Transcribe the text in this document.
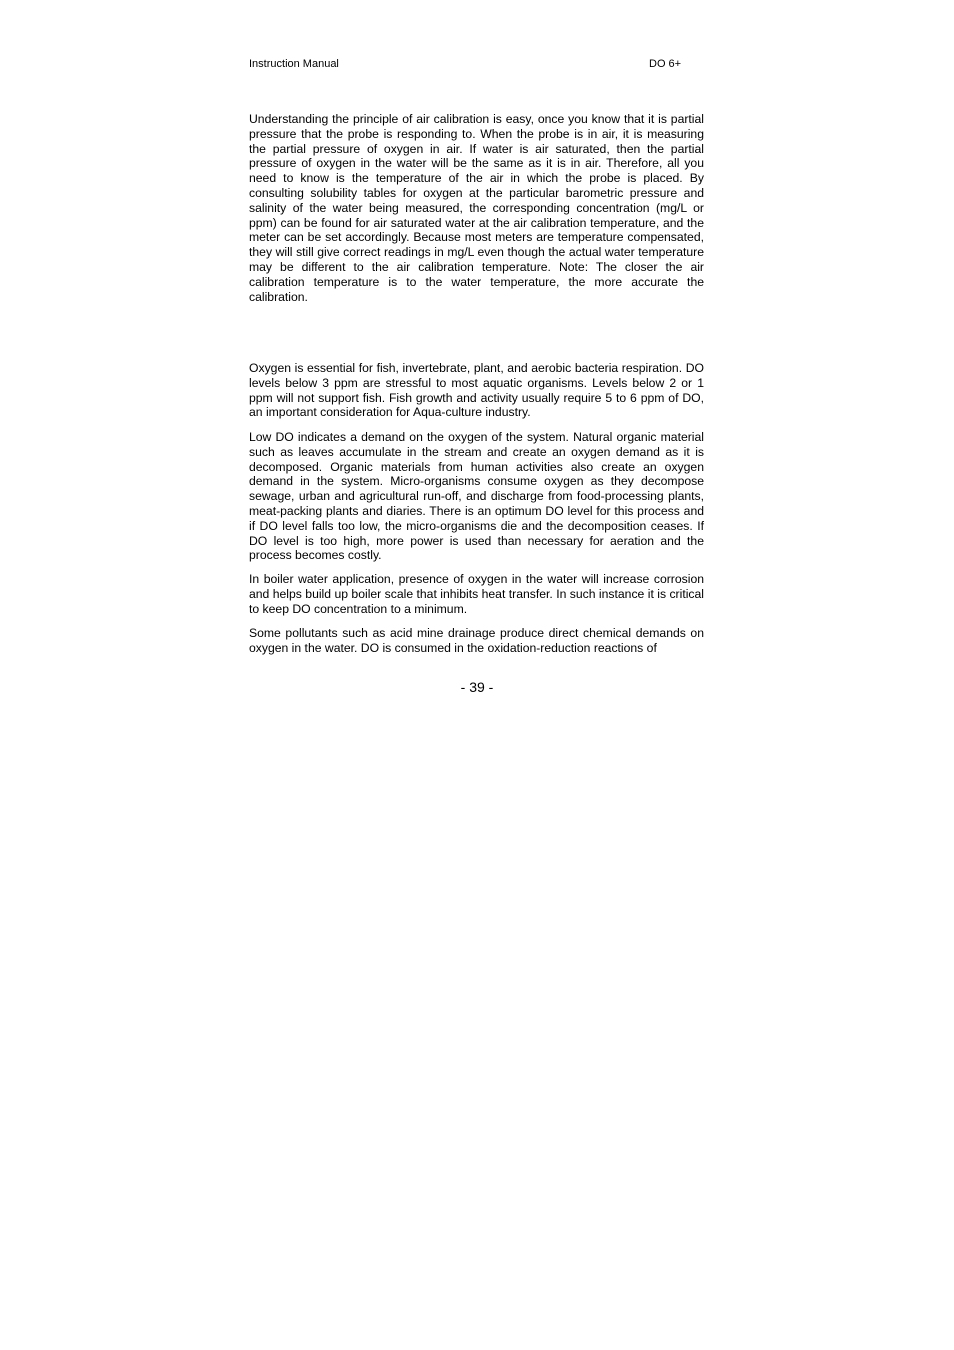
Instruction Manual	DO 6+

Understanding the principle of air calibration is easy, once you know that it is partial pressure that the probe is responding to. When the probe is in air, it is measuring the partial pressure of oxygen in air. If water is air saturated, then the partial pressure of oxygen in the water will be the same as it is in air. Therefore, all you need to know is the temperature of the air in which the probe is placed. By consulting solubility tables for oxygen at the particular barometric pressure and salinity of the water being measured, the corresponding concentration (mg/L or ppm) can be found for air saturated water at the air calibration temperature, and the meter can be set accordingly. Because most meters are temperature compensated, they will still give correct readings in mg/L even though the actual water temperature may be different to the air calibration temperature. Note: The closer the air calibration temperature is to the water temperature, the more accurate the calibration.

Oxygen is essential for fish, invertebrate, plant, and aerobic bacteria respiration. DO levels below 3 ppm are stressful to most aquatic organisms. Levels below 2 or 1 ppm will not support fish. Fish growth and activity usually require 5 to 6 ppm of DO, an important consideration for Aqua-culture industry.

Low DO indicates a demand on the oxygen of the system. Natural organic material such as leaves accumulate in the stream and create an oxygen demand as it is decomposed. Organic materials from human activities also create an oxygen demand in the system. Micro-organisms consume oxygen as they decompose sewage, urban and agricultural run-off, and discharge from food-processing plants, meat-packing plants and diaries. There is an optimum DO level for this process and if DO level falls too low, the micro-organisms die and the decomposition ceases. If DO level is too high, more power is used than necessary for aeration and the process becomes costly.

In boiler water application, presence of oxygen in the water will increase corrosion and helps build up boiler scale that inhibits heat transfer. In such instance it is critical to keep DO concentration to a minimum.

Some pollutants such as acid mine drainage produce direct chemical demands on oxygen in the water. DO is consumed in the oxidation-reduction reactions of

- 39 -
